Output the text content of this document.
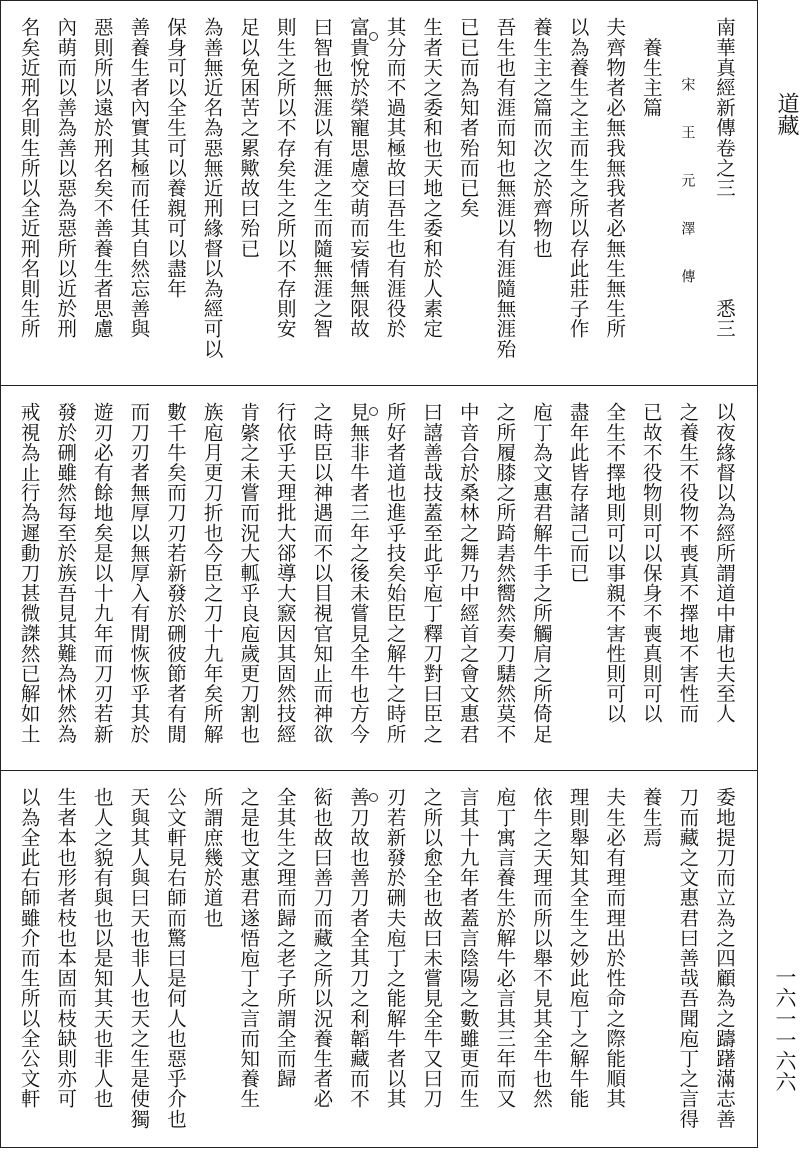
南華真經新傳卷之三　　　　　悉三
　宋　　王　　元　　澤　　傳
　養生主篇
夫齊物者必無我無我者必無生無生所
以為養生之主而生之所以存此莊子作
養生主之篇而次之於齊物也
吾生也有涯而知也無涯以有涯隨無涯殆
已已而為知者殆而已矣
生者天之委和也天地之委和於人素定
其分而不過其極故曰吾生也有涯役於
富貴悅於榮寵思慮交萌而妄情無限故
曰智也無涯以有涯之生而隨無涯之智
則生之所以不存矣生之所以不存則安
足以免困苦之累歟故曰殆已
為善無近名為惡無近刑緣督以為經可以
保身可以全生可以養親可以盡年
善養生者內實其極而任其自然忘善與
惡則所以遠於刑名矣不善養生者思慮
內萌而以善為善以惡為惡所以近於刑
名矣近刑名則生所以全近刑名則生所
以夜緣督以為經所謂道中庸也夫至人
之養生不役物不喪真不擇地不害性而
已故不役物則可以保身不喪真則可以
全生不擇地則可以事親不害性則可以
盡年此皆存諸己而已
庖丁為文惠君解牛手之所觸肩之所倚足
之所履膝之所踦砉然嚮然奏刀騞然莫不
中音合於桑林之舞乃中經首之會文惠君
曰譆善哉技蓋至此乎庖丁釋刀對曰臣之
所好者道也進乎技矣始臣之解牛之時所
見無非牛者三年之後未嘗見全牛也方今
之時臣以神遇而不以目視官知止而神欲
行依乎天理批大郤導大窾因其固然技經
肯綮之未嘗而況大軱乎良庖歲更刀割也
族庖月更刀折也今臣之刀十九年矣所解
數千牛矣而刀刃若新發於硎彼節者有閒
而刀刃者無厚以無厚入有閒恢恢乎其於
遊刃必有餘地矣是以十九年而刀刃若新
發於硎雖然每至於族吾見其難為怵然為
戒視為止行為遲動刀甚微謋然已解如土
委地提刀而立為之四顧為之躊躇滿志善
刀而藏之文惠君曰善哉吾聞庖丁之言得
養生焉
夫生必有理而理出於性命之際能順其
理則舉知其全生之妙此庖丁之解牛能
依牛之天理而所以舉不見其全牛也然
庖丁寓言養生於解牛必言其三年而又
言其十九年者蓋言陰陽之數雖更而生
之所以愈全也故曰未嘗見全牛又曰刀
刃若新發於硎夫庖丁之能解牛者以其
善刀故也善刀者全其刀之利韜藏而不
衒也故曰善刀而藏之所以況養生者必
全其生之理而歸之老子所謂全而歸
之是也文惠君遂悟庖丁之言而知養生
所謂庶幾於道也
公文軒見右師而驚曰是何人也惡乎介也
天與其人與曰天也非人也天之生是使獨
也人之貌有與也以是知其天也非人也
生者本也形者枝也本固而枝缺則亦可
以為全此右師雖介而生所以全公文軒
道藏
一六一一六六
